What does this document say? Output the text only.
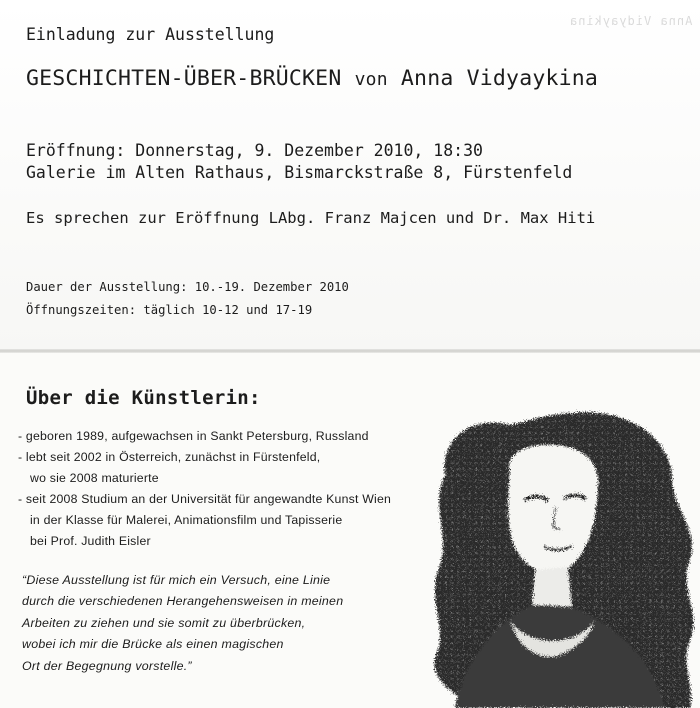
Anna Vidyaykina
Einladung zur Ausstellung
GESCHICHTEN-ÜBER-BRÜCKEN von Anna Vidyaykina
Eröffnung: Donnerstag, 9. Dezember 2010, 18:30
Galerie im Alten Rathaus, Bismarckstraße 8, Fürstenfeld
Es sprechen zur Eröffnung LAbg. Franz Majcen und Dr. Max Hiti
Dauer der Ausstellung: 10.-19. Dezember 2010
Öffnungszeiten: täglich 10-12 und 17-19
Über die Künstlerin:
- geboren 1989, aufgewachsen in Sankt Petersburg, Russland
- lebt seit 2002 in Österreich, zunächst in Fürstenfeld,
wo sie 2008 maturierte
- seit 2008 Studium an der Universität für angewandte Kunst Wien
in der Klasse für Malerei, Animationsfilm und Tapisserie
bei Prof. Judith Eisler
“Diese Ausstellung ist für mich ein Versuch, eine Linie
durch die verschiedenen Herangehensweisen in meinen
Arbeiten zu ziehen und sie somit zu überbrücken,
wobei ich mir die Brücke als einen magischen
Ort der Begegnung vorstelle.”
